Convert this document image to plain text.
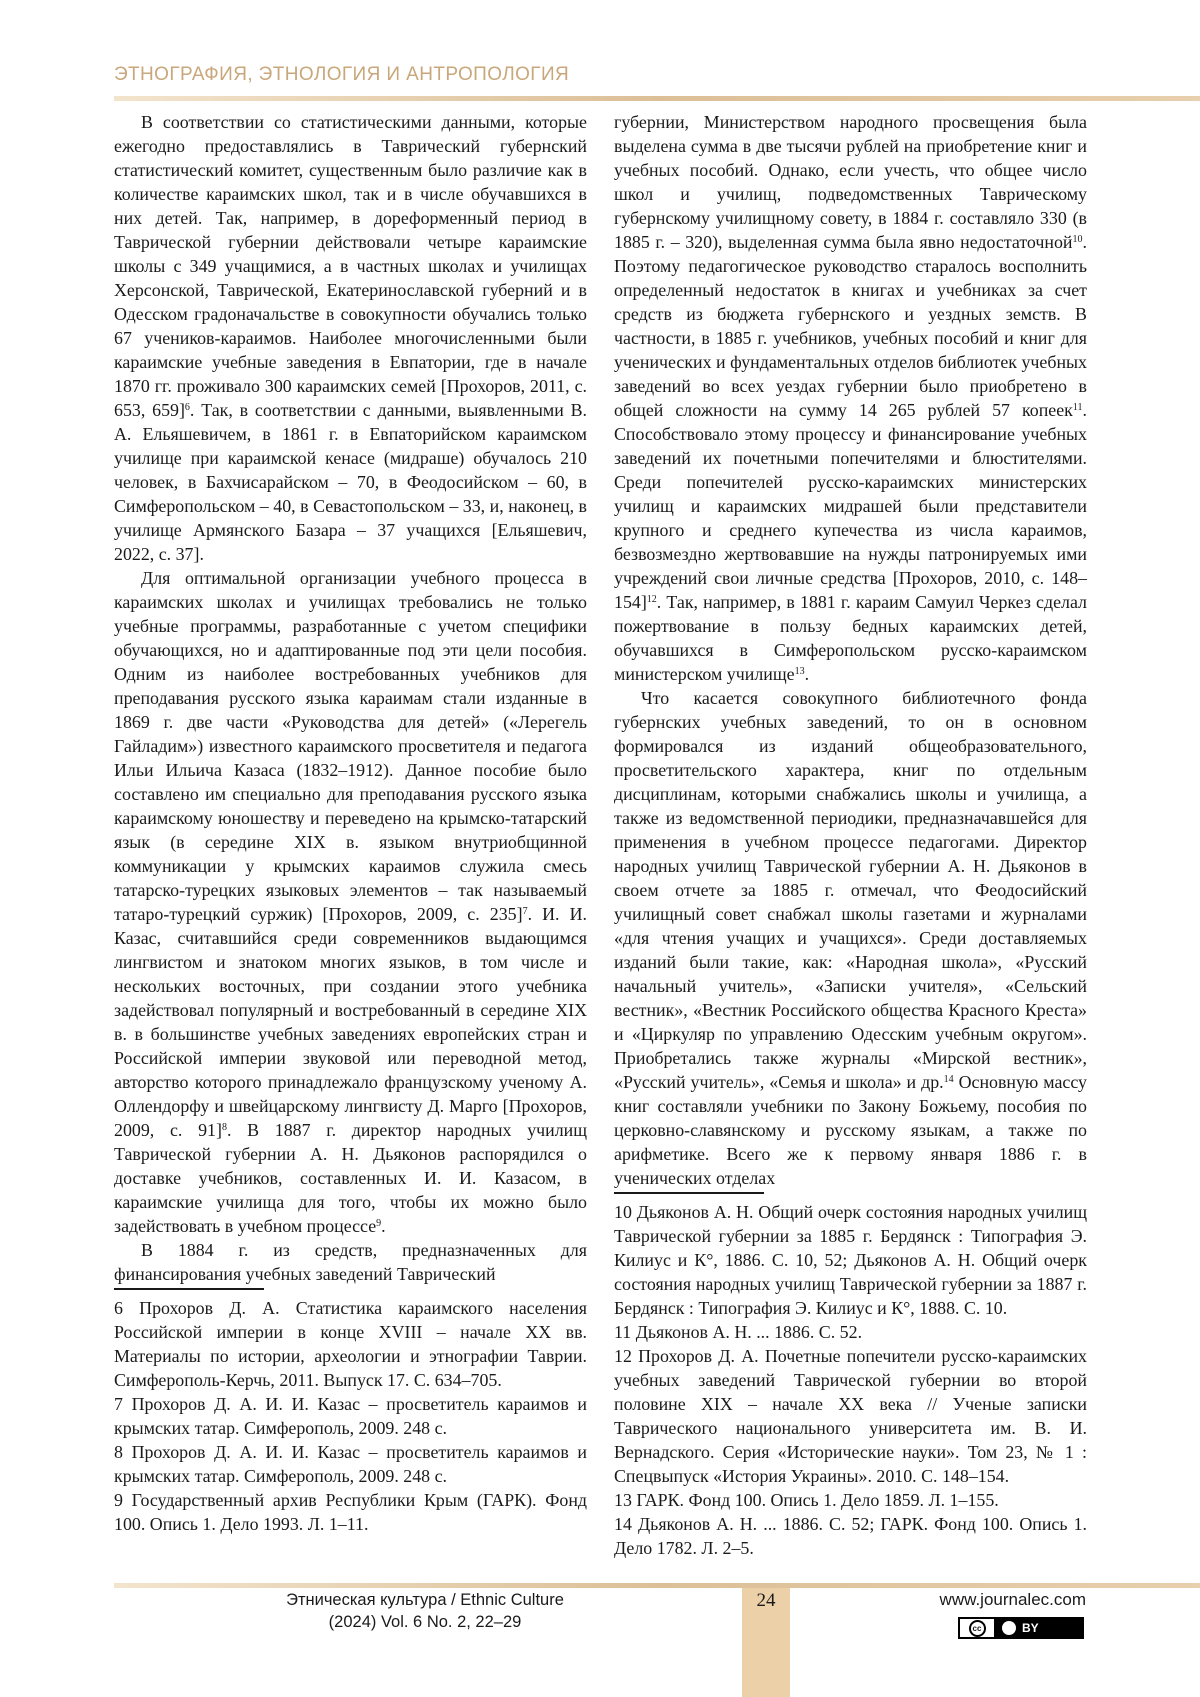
ЭТНОГРАФИЯ, ЭТНОЛОГИЯ И АНТРОПОЛОГИЯ

В соответствии со статистическими данными, которые ежегодно предоставлялись в Таврический губернский статистический комитет, существенным было различие как в количестве караимских школ, так и в числе обучавшихся в них детей. Так, например, в дореформенный период в Таврической губернии действовали четыре караимские школы с 349 учащимися, а в частных школах и училищах Херсонской, Таврической, Екатеринославской губерний и в Одесском градоначальстве в совокупности обучались только 67 учеников-караимов. Наиболее многочисленными были караимские учебные заведения в Евпатории, где в начале 1870 гг. проживало 300 караимских семей [Прохоров, 2011, с. 653, 659]$^6$. Так, в соответствии с данными, выявленными В. А. Ельяшевичем, в 1861 г. в Евпаторийском караимском училище при караимской кенасе (мидраше) обучалось 210 человек, в Бахчисарайском – 70, в Феодосийском – 60, в Симферопольском – 40, в Севастопольском – 33, и, наконец, в училище Армянского Базара – 37 учащихся [Ельяшевич, 2022, с. 37].

Для оптимальной организации учебного процесса в караимских школах и училищах требовались не только учебные программы, разработанные с учетом специфики обучающихся, но и адаптированные под эти цели пособия. Одним из наиболее востребованных учебников для преподавания русского языка караимам стали изданные в 1869 г. две части «Руководства для детей» («Лерегель Гайладим») известного караимского просветителя и педагога Ильи Ильича Казаса (1832–1912). Данное пособие было составлено им специально для преподавания русского языка караимскому юношеству и переведено на крымско-татарский язык (в середине XIX в. языком внутриобщинной коммуникации у крымских караимов служила смесь татарско-турецких языковых элементов – так называемый татаро-турецкий суржик) [Прохоров, 2009, с. 235]$^7$. И. И. Казас, считавшийся среди современников выдающимся лингвистом и знатоком многих языков, в том числе и нескольких восточных, при создании этого учебника задействовал популярный и востребованный в середине XIX в. в большинстве учебных заведениях европейских стран и Российской империи звуковой или переводной метод, авторство которого принадлежало французскому ученому А. Оллендорфу и швейцарскому лингвисту Д. Марго [Прохоров, 2009, с. 91]$^8$. В 1887 г. директор народных училищ Таврической губернии А. Н. Дьяконов распорядился о доставке учебников, составленных И. И. Казасом, в караимские училища для того, чтобы их можно было задействовать в учебном процессе$^9$.

В 1884 г. из средств, предназначенных для финансирования учебных заведений Таврический

6 Прохоров Д. А. Статистика караимского населения Российской империи в конце XVIII – начале XX вв. Материалы по истории, археологии и этнографии Таврии. Симферополь-Керчь, 2011. Выпуск 17. С. 634–705.

7 Прохоров Д. А. И. И. Казас – просветитель караимов и крымских татар. Симферополь, 2009. 248 с.

8 Прохоров Д. А. И. И. Казас – просветитель караимов и крымских татар. Симферополь, 2009. 248 с.

9 Государственный архив Республики Крым (ГАРК). Фонд 100. Опись 1. Дело 1993. Л. 1–11.

губернии, Министерством народного просвещения была выделена сумма в две тысячи рублей на приобретение книг и учебных пособий. Однако, если учесть, что общее число школ и училищ, подведомственных Таврическому губернскому училищному совету, в 1884 г. составляло 330 (в 1885 г. – 320), выделенная сумма была явно недостаточной$^{10}$. Поэтому педагогическое руководство старалось восполнить определенный недостаток в книгах и учебниках за счет средств из бюджета губернского и уездных земств. В частности, в 1885 г. учебников, учебных пособий и книг для ученических и фундаментальных отделов библиотек учебных заведений во всех уездах губернии было приобретено в общей сложности на сумму 14 265 рублей 57 копеек$^{11}$. Способствовало этому процессу и финансирование учебных заведений их почетными попечителями и блюстителями. Среди попечителей русско-караимских министерских училищ и караимских мидрашей были представители крупного и среднего купечества из числа караимов, безвозмездно жертвовавшие на нужды патронируемых ими учреждений свои личные средства [Прохоров, 2010, с. 148–154]$^{12}$. Так, например, в 1881 г. караим Самуил Черкез сделал пожертвование в пользу бедных караимских детей, обучавшихся в Симферопольском русско-караимском министерском училище$^{13}$.

Что касается совокупного библиотечного фонда губернских учебных заведений, то он в основном формировался из изданий общеобразовательного, просветительского характера, книг по отдельным дисциплинам, которыми снабжались школы и училища, а также из ведомственной периодики, предназначавшейся для применения в учебном процессе педагогами. Директор народных училищ Таврической губернии А. Н. Дьяконов в своем отчете за 1885 г. отмечал, что Феодосийский училищный совет снабжал школы газетами и журналами «для чтения учащих и учащихся». Среди доставляемых изданий были такие, как: «Народная школа», «Русский начальный учитель», «Записки учителя», «Сельский вестник», «Вестник Российского общества Красного Креста» и «Циркуляр по управлению Одесским учебным округом». Приобретались также журналы «Мирской вестник», «Русский учитель», «Семья и школа» и др.$^{14}$ Основную массу книг составляли учебники по Закону Божьему, пособия по церковно-славянскому и русскому языкам, а также по арифметике. Всего же к первому января 1886 г. в ученических отделах

10 Дьяконов А. Н. Общий очерк состояния народных училищ Таврической губернии за 1885 г. Бердянск : Типография Э. Килиус и К°, 1886. С. 10, 52; Дьяконов А. Н. Общий очерк состояния народных училищ Таврической губернии за 1887 г. Бердянск : Типография Э. Килиус и К°, 1888. С. 10.

11 Дьяконов А. Н. ... 1886. С. 52.

12 Прохоров Д. А. Почетные попечители русско-караимских учебных заведений Таврической губернии во второй половине XIX – начале XX века // Ученые записки Таврического национального университета им. В. И. Вернадского. Серия «Исторические науки». Том 23, № 1 : Спецвыпуск «История Украины». 2010. С. 148–154.

13 ГАРК. Фонд 100. Опись 1. Дело 1859. Л. 1–155.

14 Дьяконов А. Н. ... 1886. С. 52; ГАРК. Фонд 100. Опись 1. Дело 1782. Л. 2–5.

24
Этническая культура / Ethnic Culture
(2024) Vol. 6 No. 2, 22–29
www.journalec.com
cc	BY
